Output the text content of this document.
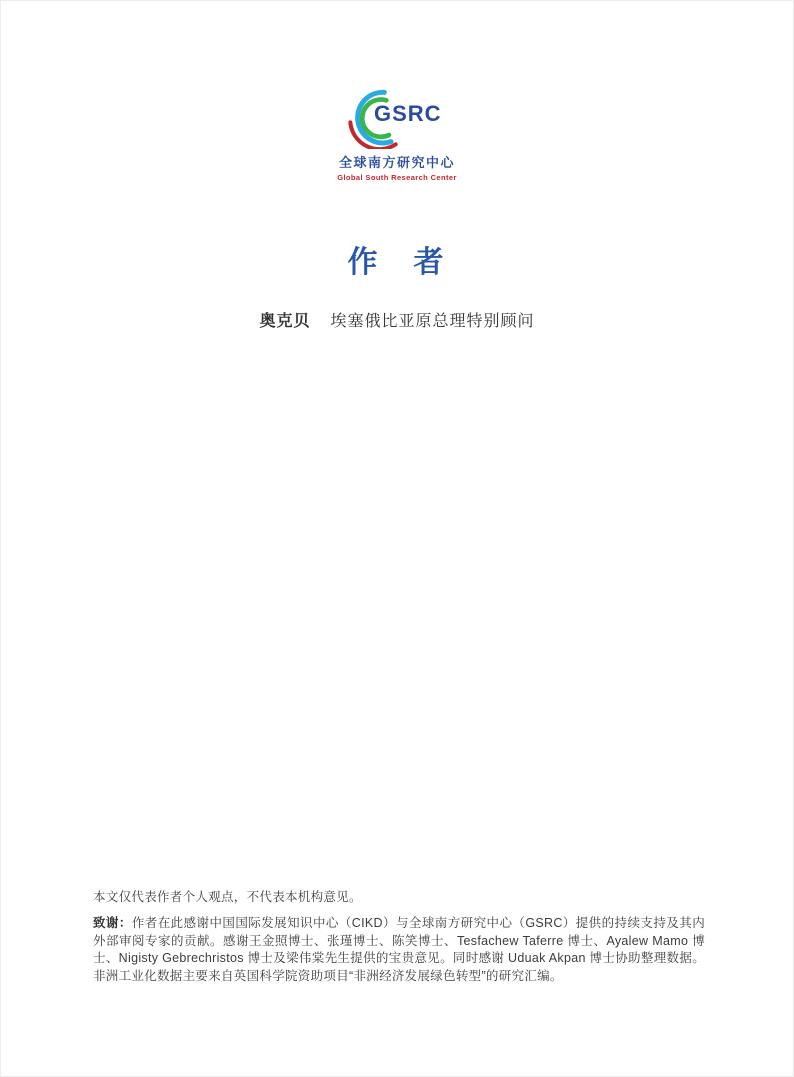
GSRC
全球南方研究中心
Global South Research Center
作　者
奥克贝 埃塞俄比亚原总理特别顾问

本文仅代表作者个人观点，不代表本机构意见。

致谢：作者在此感谢中国国际发展知识中心（CIKD）与全球南方研究中心（GSRC）提供的持续支持及其内外部审阅专家的贡献。感谢王金照博士、张瑾博士、陈笑博士、Tesfachew Taferre 博士、Ayalew Mamo 博士、Nigisty Gebrechristos 博士及梁伟棠先生提供的宝贵意见。同时感谢 Uduak Akpan 博士协助整理数据。非洲工业化数据主要来自英国科学院资助项目“非洲经济发展绿色转型”的研究汇编。
